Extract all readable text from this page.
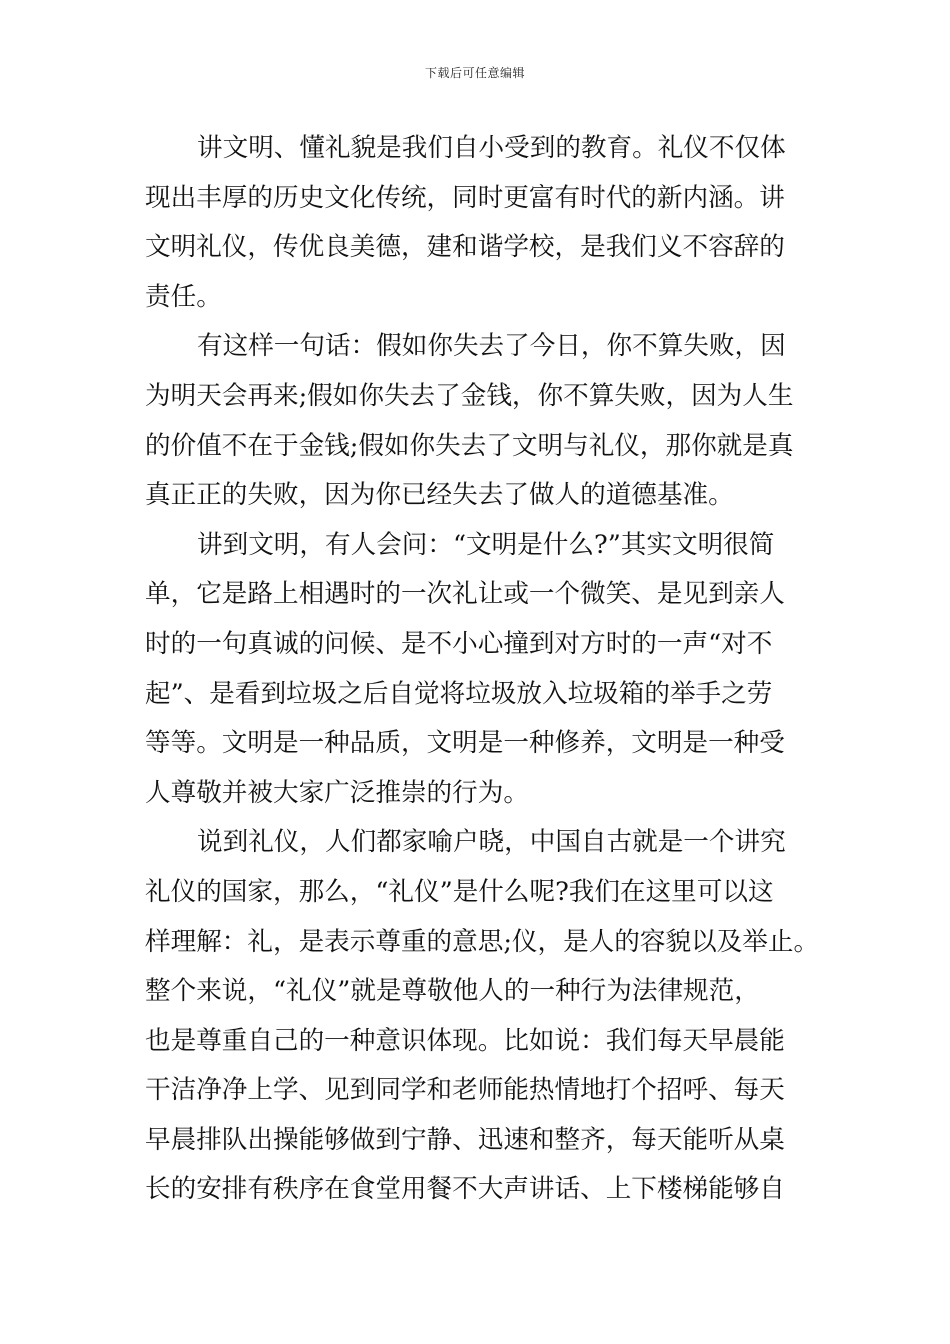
下载后可任意编辑
讲文明、懂礼貌是我们自小受到的教育。礼仪不仅体
现出丰厚的历史文化传统，同时更富有时代的新内涵。讲
文明礼仪，传优良美德，建和谐学校，是我们义不容辞的
责任。
有这样一句话：假如你失去了今日，你不算失败，因
为明天会再来;假如你失去了金钱，你不算失败，因为人生
的价值不在于金钱;假如你失去了文明与礼仪，那你就是真
真正正的失败，因为你已经失去了做人的道德基准。
讲到文明，有人会问：“文明是什么?”其实文明很简
单，它是路上相遇时的一次礼让或一个微笑、是见到亲人
时的一句真诚的问候、是不小心撞到对方时的一声“对不
起”、是看到垃圾之后自觉将垃圾放入垃圾箱的举手之劳
等等。文明是一种品质，文明是一种修养，文明是一种受
人尊敬并被大家广泛推崇的行为。
说到礼仪，人们都家喻户晓，中国自古就是一个讲究
礼仪的国家，那么，“礼仪”是什么呢?我们在这里可以这
样理解：礼，是表示尊重的意思;仪，是人的容貌以及举止。
整个来说，“礼仪”就是尊敬他人的一种行为法律规范，
也是尊重自己的一种意识体现。比如说：我们每天早晨能
干洁净净上学、见到同学和老师能热情地打个招呼、每天
早晨排队出操能够做到宁静、迅速和整齐，每天能听从桌
长的安排有秩序在食堂用餐不大声讲话、上下楼梯能够自
